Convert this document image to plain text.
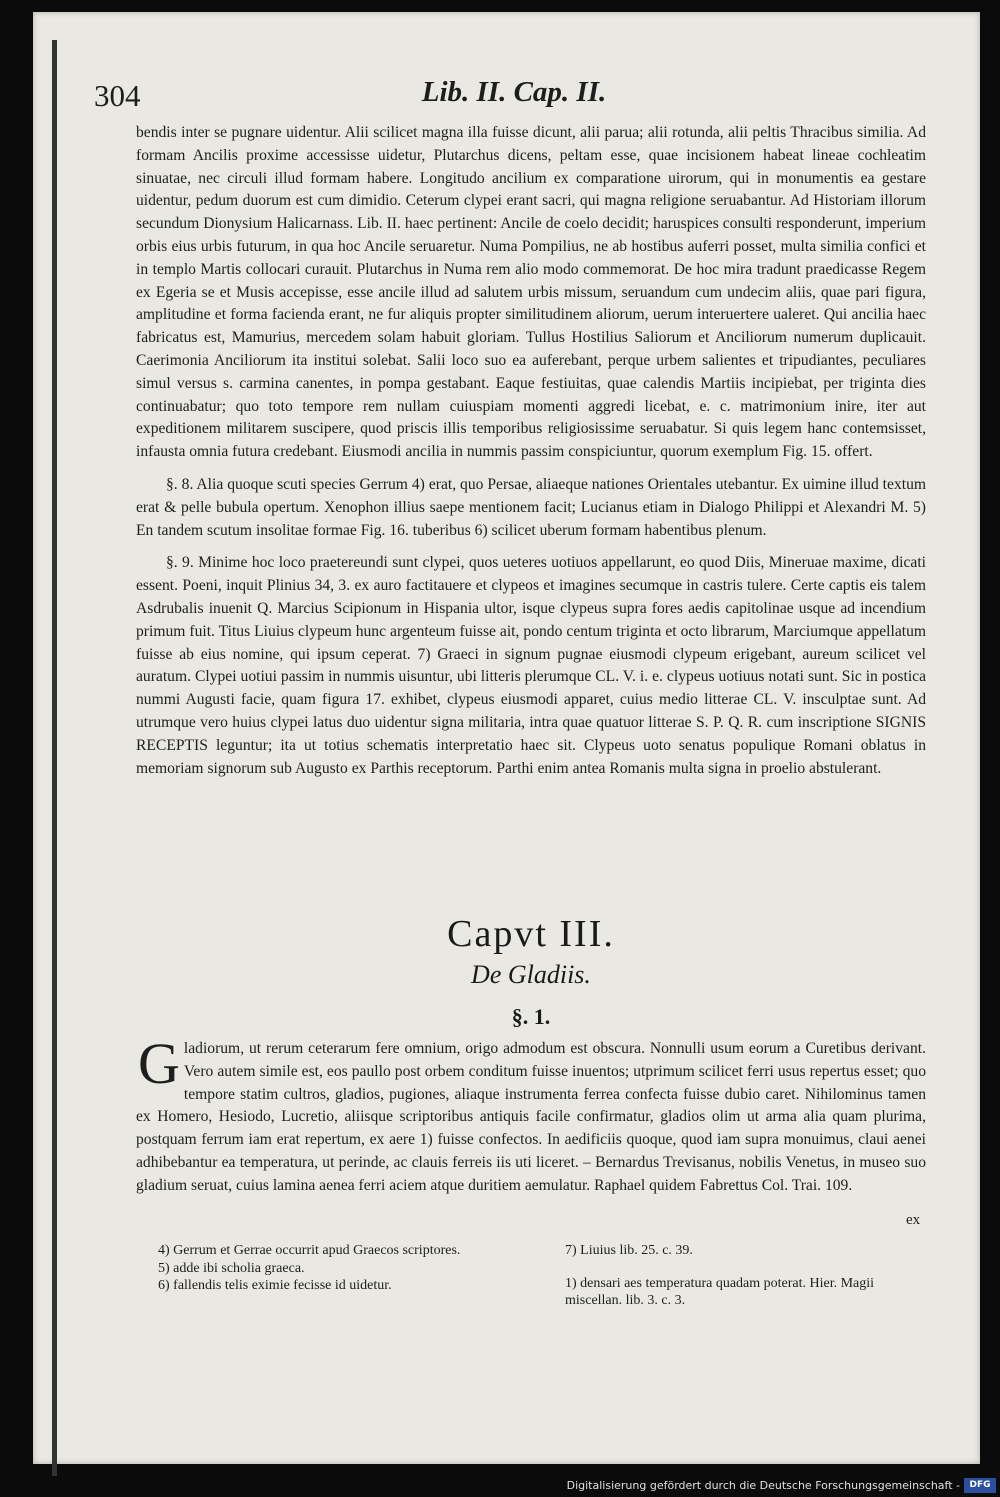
304	Lib. II. Cap. II.

bendis inter se pugnare uidentur. Alii scilicet magna illa fuisse dicunt, alii parua; alii rotunda, alii peltis Thracibus similia. Ad formam Ancilis proxime accessisse uidetur, Plutarchus dicens, peltam esse, quae incisionem habeat lineae cochleatim sinuatae, nec circuli illud formam habere. Longitudo ancilium ex comparatione uirorum, qui in monumentis ea gestare uidentur, pedum duorum est cum dimidio. Ceterum clypei erant sacri, qui magna religione seruabantur. Ad Historiam illorum secundum Dionysium Halicarnass. Lib. II. haec pertinent: Ancile de coelo decidit; haruspices consulti responderunt, imperium orbis eius urbis futurum, in qua hoc Ancile seruaretur. Numa Pompilius, ne ab hostibus auferri posset, multa similia confici et in templo Martis collocari curauit. Plutarchus in Numa rem alio modo commemorat. De hoc mira tradunt praedicasse Regem ex Egeria se et Musis accepisse, esse ancile illud ad salutem urbis missum, seruandum cum undecim aliis, quae pari figura, amplitudine et forma facienda erant, ne fur aliquis propter similitudinem aliorum, uerum interuertere ualeret. Qui ancilia haec fabricatus est, Mamurius, mercedem solam habuit gloriam. Tullus Hostilius Saliorum et Anciliorum numerum duplicauit. Caerimonia Anciliorum ita institui solebat. Salii loco suo ea auferebant, perque urbem salientes et tripudiantes, peculiares simul versus s. carmina canentes, in pompa gestabant. Eaque festiuitas, quae calendis Martiis incipiebat, per triginta dies continuabatur; quo toto tempore rem nullam cuiuspiam momenti aggredi licebat, e. c. matrimonium inire, iter aut expeditionem militarem suscipere, quod priscis illis temporibus religiosissime seruabatur. Si quis legem hanc contemsisset, infausta omnia futura credebant. Eiusmodi ancilia in nummis passim conspiciuntur, quorum exemplum Fig. 15. offert.

§. 8. Alia quoque scuti species Gerrum 4) erat, quo Persae, aliaeque nationes Orientales utebantur. Ex uimine illud textum erat & pelle bubula opertum. Xenophon illius saepe mentionem facit; Lucianus etiam in Dialogo Philippi et Alexandri M. 5) En tandem scutum insolitae formae Fig. 16. tuberibus 6) scilicet uberum formam habentibus plenum.

§. 9. Minime hoc loco praetereundi sunt clypei, quos ueteres uotiuos appellarunt, eo quod Diis, Mineruae maxime, dicati essent. Poeni, inquit Plinius 34, 3. ex auro factitauere et clypeos et imagines secumque in castris tulere. Certe captis eis talem Asdrubalis inuenit Q. Marcius Scipionum in Hispania ultor, isque clypeus supra fores aedis capitolinae usque ad incendium primum fuit. Titus Liuius clypeum hunc argenteum fuisse ait, pondo centum triginta et octo librarum, Marciumque appellatum fuisse ab eius nomine, qui ipsum ceperat. 7) Graeci in signum pugnae eiusmodi clypeum erigebant, aureum scilicet vel auratum. Clypei uotiui passim in nummis uisuntur, ubi litteris plerumque CL. V. i. e. clypeus uotiuus notati sunt. Sic in postica nummi Augusti facie, quam figura 17. exhibet, clypeus eiusmodi apparet, cuius medio litterae CL. V. insculptae sunt. Ad utrumque vero huius clypei latus duo uidentur signa militaria, intra quae quatuor litterae S. P. Q. R. cum inscriptione SIGNIS RECEPTIS leguntur; ita ut totius schematis interpretatio haec sit. Clypeus uoto senatus populique Romani oblatus in memoriam signorum sub Augusto ex Parthis receptorum. Parthi enim antea Romanis multa signa in proelio abstulerant.

Capvt III.
De Gladiis.
§. 1.
G ladiorum, ut rerum ceterarum fere omnium, origo admodum est obscura. Nonnulli usum eorum a Curetibus derivant. Vero autem simile est, eos paullo post orbem conditum fuisse inuentos; utprimum scilicet ferri usus repertus esset; quo tempore statim cultros, gladios, pugiones, aliaque instrumenta ferrea confecta fuisse dubio caret. Nihilominus tamen ex Homero, Hesiodo, Lucretio, aliisque scriptoribus antiquis facile confirmatur, gladios olim ut arma alia quam plurima, postquam ferrum iam erat repertum, ex aere 1) fuisse confectos. In aedificiis quoque, quod iam supra monuimus, claui aenei adhibebantur ea temperatura, ut perinde, ac clauis ferreis iis uti liceret. – Bernardus Trevisanus, nobilis Venetus, in museo suo gladium seruat, cuius lamina aenea ferri aciem atque duritiem aemulatur. Raphael quidem Fabrettus Col. Trai. 109.
ex

4) Gerrum et Gerrae occurrit apud Graecos scriptores.

5) adde ibi scholia graeca.

6) fallendis telis eximie fecisse id uidetur.

7) Liuius lib. 25. c. 39.

1) densari aes temperatura quadam poterat. Hier. Magii miscellan. lib. 3. c. 3.

Digitalisierung gefördert durch die Deutsche Forschungsgemeinschaft -	DFG
